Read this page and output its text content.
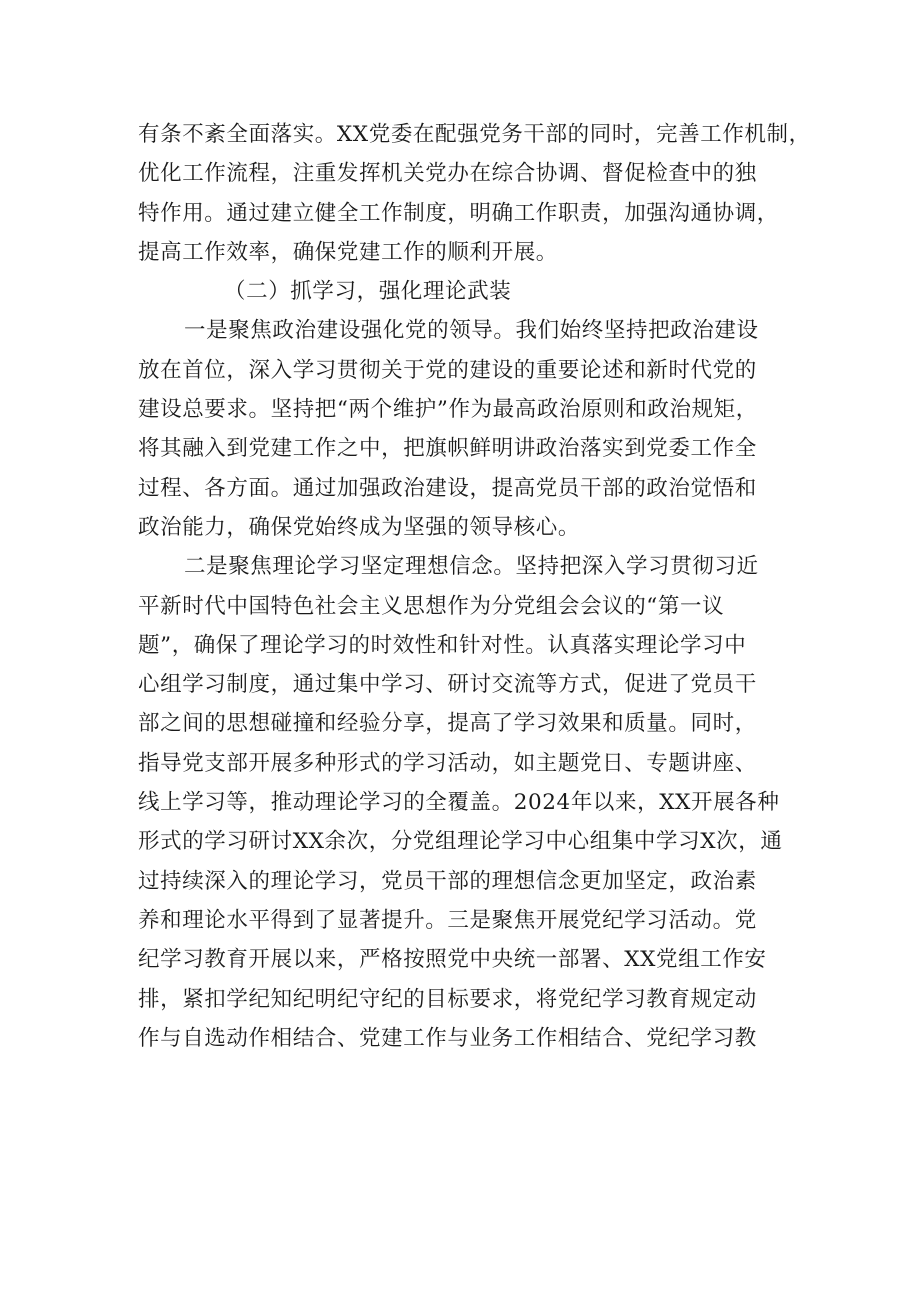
有条不紊全面落实。XX党委在配强党务干部的同时，完善工作机制，
优化工作流程，注重发挥机关党办在综合协调、督促检查中的独
特作用。通过建立健全工作制度，明确工作职责，加强沟通协调，
提高工作效率，确保党建工作的顺利开展。
（二）抓学习，强化理论武装
一是聚焦政治建设强化党的领导。我们始终坚持把政治建设
放在首位，深入学习贯彻关于党的建设的重要论述和新时代党的
建设总要求。坚持把“两个维护”作为最高政治原则和政治规矩，
将其融入到党建工作之中，把旗帜鲜明讲政治落实到党委工作全
过程、各方面。通过加强政治建设，提高党员干部的政治觉悟和
政治能力，确保党始终成为坚强的领导核心。
二是聚焦理论学习坚定理想信念。坚持把深入学习贯彻习近
平新时代中国特色社会主义思想作为分党组会会议的“第一议
题”，确保了理论学习的时效性和针对性。认真落实理论学习中
心组学习制度，通过集中学习、研讨交流等方式，促进了党员干
部之间的思想碰撞和经验分享，提高了学习效果和质量。同时，
指导党支部开展多种形式的学习活动，如主题党日、专题讲座、
线上学习等，推动理论学习的全覆盖。2024年以来，XX开展各种
形式的学习研讨XX余次，分党组理论学习中心组集中学习X次，通
过持续深入的理论学习，党员干部的理想信念更加坚定，政治素
养和理论水平得到了显著提升。三是聚焦开展党纪学习活动。党
纪学习教育开展以来，严格按照党中央统一部署、XX党组工作安
排，紧扣学纪知纪明纪守纪的目标要求，将党纪学习教育规定动
作与自选动作相结合、党建工作与业务工作相结合、党纪学习教
